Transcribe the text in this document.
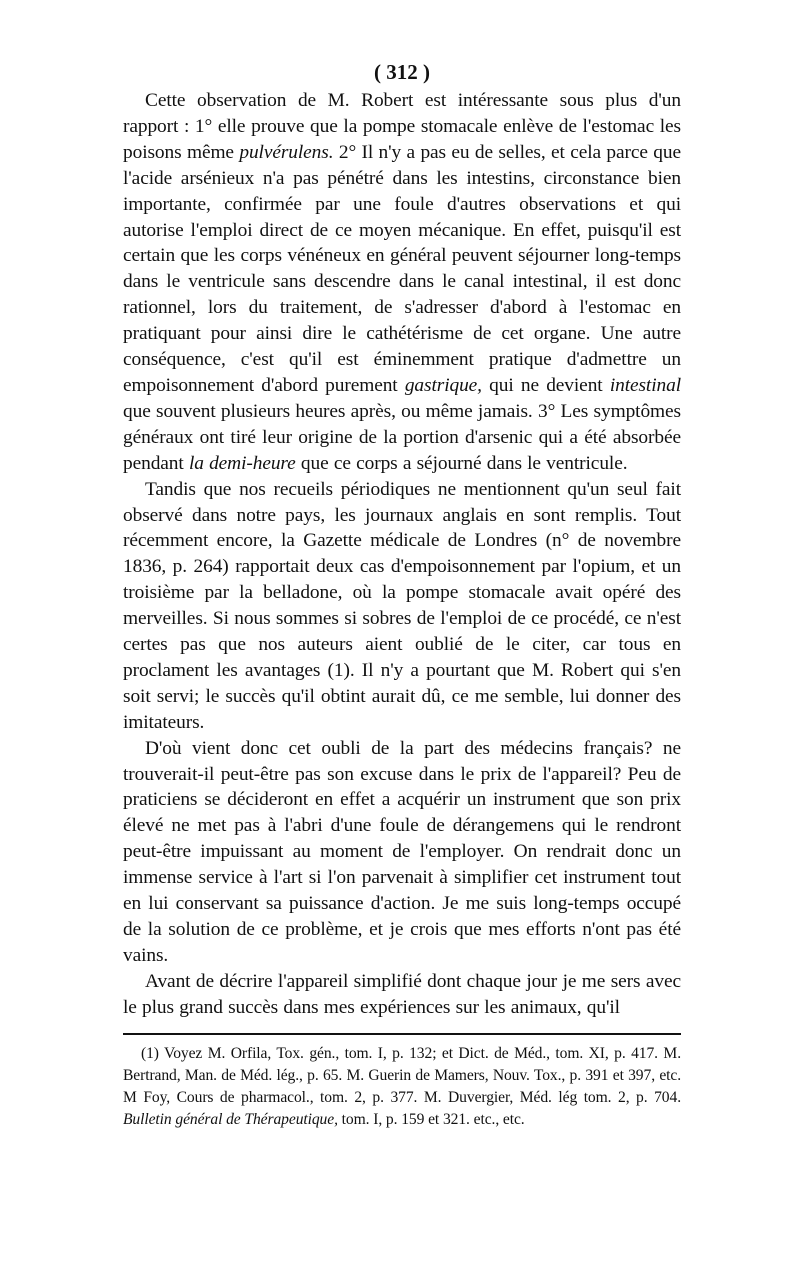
( 312 )

Cette observation de M. Robert est intéressante sous plus d'un rapport : 1° elle prouve que la pompe stomacale enlève de l'estomac les poisons même pulvérulens. 2° Il n'y a pas eu de selles, et cela parce que l'acide arsénieux n'a pas pénétré dans les intestins, circonstance bien importante, confirmée par une foule d'autres observations et qui autorise l'emploi direct de ce moyen mécanique. En effet, puisqu'il est certain que les corps vénéneux en général peuvent séjourner long-temps dans le ventricule sans descendre dans le canal intestinal, il est donc rationnel, lors du traitement, de s'adresser d'abord à l'estomac en pratiquant pour ainsi dire le cathétérisme de cet organe. Une autre conséquence, c'est qu'il est éminemment pratique d'admettre un empoisonnement d'abord purement gastrique, qui ne devient intestinal que souvent plusieurs heures après, ou même jamais. 3° Les symptômes généraux ont tiré leur origine de la portion d'arsenic qui a été absorbée pendant la demi-heure que ce corps a séjourné dans le ventricule.

Tandis que nos recueils périodiques ne mentionnent qu'un seul fait observé dans notre pays, les journaux anglais en sont remplis. Tout récemment encore, la Gazette médicale de Londres (n° de novembre 1836, p. 264) rapportait deux cas d'empoisonnement par l'opium, et un troisième par la belladone, où la pompe stomacale avait opéré des merveilles. Si nous sommes si sobres de l'emploi de ce procédé, ce n'est certes pas que nos auteurs aient oublié de le citer, car tous en proclament les avantages (1). Il n'y a pourtant que M. Robert qui s'en soit servi; le succès qu'il obtint aurait dû, ce me semble, lui donner des imitateurs.

D'où vient donc cet oubli de la part des médecins français? ne trouverait-il peut-être pas son excuse dans le prix de l'appareil? Peu de praticiens se décideront en effet a acquérir un instrument que son prix élevé ne met pas à l'abri d'une foule de dérangemens qui le rendront peut-être impuissant au moment de l'employer. On rendrait donc un immense service à l'art si l'on parvenait à simplifier cet instrument tout en lui conservant sa puissance d'action. Je me suis long-temps occupé de la solution de ce problème, et je crois que mes efforts n'ont pas été vains.

Avant de décrire l'appareil simplifié dont chaque jour je me sers avec le plus grand succès dans mes expériences sur les animaux, qu'il

(1) Voyez M. Orfila, Tox. gén., tom. I, p. 132; et Dict. de Méd., tom. XI, p. 417. M. Bertrand, Man. de Méd. lég., p. 65. M. Guerin de Mamers, Nouv. Tox., p. 391 et 397, etc. M Foy, Cours de pharmacol., tom. 2, p. 377. M. Duvergier, Méd. lég tom. 2, p. 704. Bulletin général de Thérapeutique, tom. I, p. 159 et 321. etc., etc.
